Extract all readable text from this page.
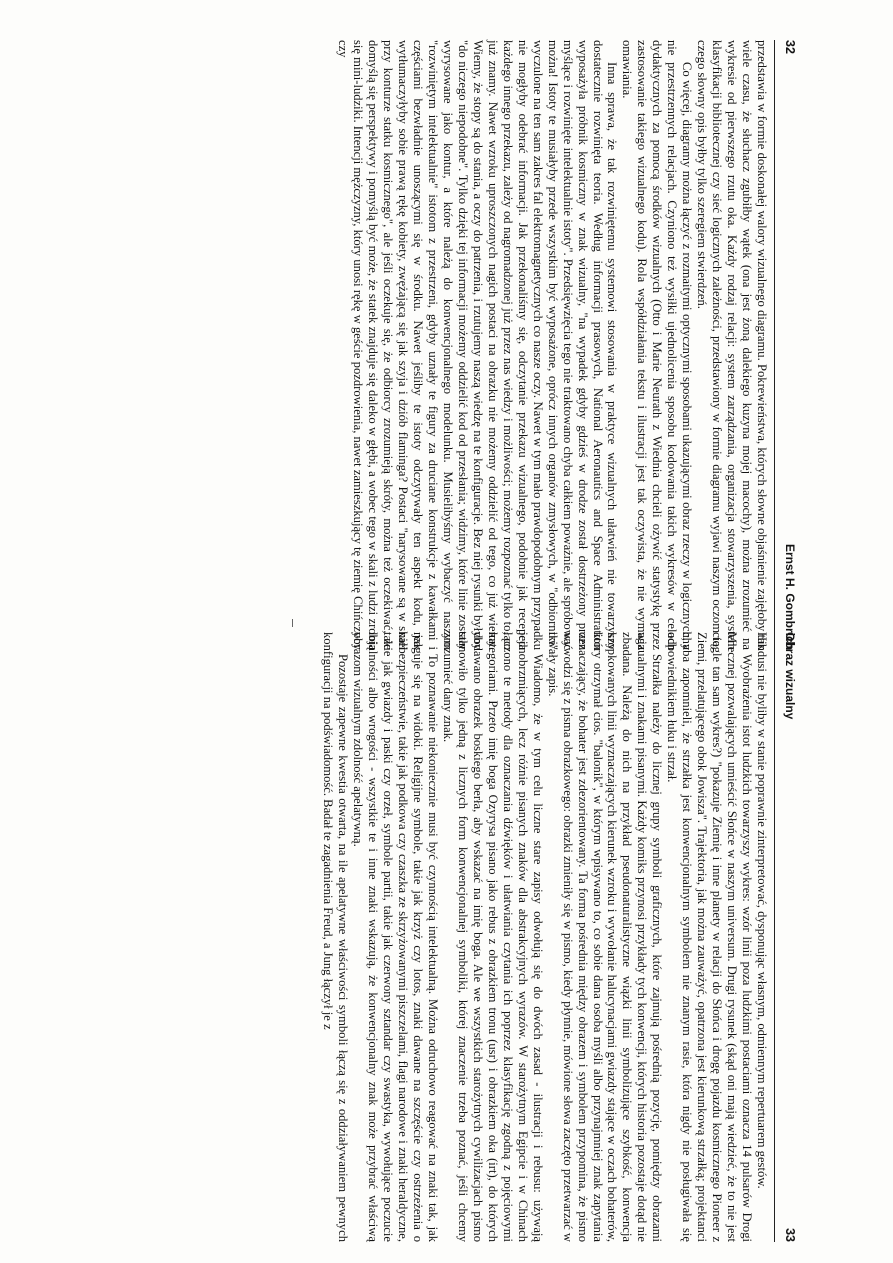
32
Ernst H. Gombrich

przedstawia w formie doskonałej walory wizualnego diagramu. Pokrewieństwa, których słowne objaśnienie zajęłoby tak wiele czasu, że słuchacz zgubiłby wątek (ona jest żoną dalekiego kuzyna mojej macochy), można zrozumieć na wykresie od pierwszego rzutu oka. Każdy rodzaj relacji: system zarządzania, organizacja stowarzyszenia, system klasyfikacji bibliotecznej czy sieć logicznych zależności, przedstawiony w formie diagramu wyjawi naszym oczom to, czego słowny opis byłby tylko szeregiem stwierdzeń.

Co więcej, diagramy można łączyć z rozmaitymi optycznymi sposobami ukazującymi obraz rzeczy w logicznych, a nie przestrzennych relacjach. Czyniono też wysiłki ujednolicenia sposobu kodowania takich wykresów w celach dydaktycznych za pomocą środków wizualnych (Otto i Marie Neurath z Wiednia chcieli ożywić statystykę przez zastosowanie takiego wizualnego kodu). Rola współdziałania tekstu i ilustracji jest tak oczywista, że nie wymaga omawiania.

Inna sprawa, że tak rozwiniętemu systemowi stosowania w praktyce wizualnych ułatwień nie towarzyszy dostatecznie rozwinięta teoria. Według informacji prasowych, National Aeronautics and Space Administration wyposażyła próbnik kosmiczny w znak wizualny, "na wypadek gdyby gdzieś w drodze został dostrzeżony przez myślące i rozwinięte intelektualnie istoty". Przedsięwzięcia tego nie traktowano chyba całkiem poważnie, ale spróbować można! Istoty te musiałyby przede wszystkim być wyposażone, oprócz innych organów zmysłowych, w "odbiorniki" wyczulone na ten sam zakres fal elektromagnetycznych co nasze oczy. Nawet w tym mało prawdopodobnym przypadku nie mogłyby odebrać informacji. Jak przekonaliśmy się, odczytanie przekazu wizualnego, podobnie jak recepcja każdego innego przekazu, zależy od nagromadzonej już przez nas wiedzy i możliwości; możemy rozpoznać tylko to, co już znamy. Nawet wzroku uproszczonych nagich postaci na obrazku nie możemy oddzielić od tego, co już wiemy. Wiemy, że stopy są do stania, a oczy do patrzenia, i rzutujemy naszą wiedzę na te konfiguracje. Bez niej rysunki byłyby "do niczego niepodobne". Tylko dzięki tej informacji możemy oddzielić kod od przesłania; widzimy, które linie zostały wyrysowane jako kontur, a które należą do konwencjonalnego modelunku. Musielibyśmy wybaczyć naszym "rozwiniętym intelektualnie" istotom z przestrzeni, gdyby uznały te figury za druciane konstrukcje z kawałkami i częściami bezwładnie unoszącymi się w środku. Nawet jeśliby te istoty odczytywały ten aspekt kodu, jak wytłumaczyłyby sobie prawą rękę kobiety, zwężającą się jak szyja i dziób flaminga? Postaci "narysowane są w skali przy konturze statku kosmicznego", ale jeśli oczekuje się, że odbiorcy zrozumieją skróty, można też oczekiwać, że domyślą się perspektywy i pomyślą być może, że statek znajduje się daleko w głębi, a wobec tego w skali z ludzi zrobią się mini-ludziki. Intencji mężczyzny, który unosi rękę w geście pozdrowienia, nawet zamieszkujący tę ziemię Chińczycy czy

Obraz wizualny
33

Hindusi nie byliby w stanie poprawnie zinterpretować, dysponując własnym, odmiennym repertuarem gestów.

Wyobrażenia istot ludzkich towarzyszy wykres: wzór linii poza ludzkimi postaciami oznacza 14 pulsarów Drogi Mlecznej pozwalających umieścić Słońce w naszym universum. Drugi rysunek (skąd oni mają wiedzieć, że to nie jest ciągle tan sam wykres?) "pokazuje Ziemię i inne planety w relacji do Słońca i drogę pojazdu kosmicznego Pioneer z Ziemi, przelatującego obok Jowisza". Trajektoria, jak można zauważyć, opatrzona jest kierunkową strzałką; projektanci chyba zapomnieli, że strzałka jest konwencjonalnym symbolem nie znanym rasie, która nigdy nie posługiwała się odpowiednikiem łuku i strzał.

Strzałka należy do licznej grupy symboli graficznych, które zajmują pośrednią pozycję, pomiędzy obrazami wizualnymi i znakami pisanymi. Każdy komiks przynosi przykłady tych konwencji, których historia pozostaje dotąd nie zbadana. Należą do nich na przykład pseudonaturalistyczne wiązki linii symbolizujące szybkość, konwencja kropkowanych linii wyznaczających kierunek wzroku i wywołanie halucynacjami gwiazdy stające w oczach bohaterów, który otrzymał cios. "balonik", w którym wpisywano to, co sobie dana osoba myśli albo przynajmniej znak zapytania oznaczający, że bohater jest zdezorientowany. Ta forma pośrednia między obrazem i symbolem przypomina, że pismo wywodzi się z pisma obrazkowego: obrazki zmieniły się w pismo, kiedy płynnie, mówione słowa zaczęto przetwarzać w trwały zapis.

Wiadomo, że w tym celu liczne stare zapisy odwołują się do dwóch zasad - ilustracji i rebusu: używają jednobrzmiących, lecz różnie pisanych znaków dla abstrakcyjnych wyrazów. W starożytnym Egipcie i w Chinach łączono te metody dla oznaczania dźwięków i ułatwiania czytania ich poprzez klasyfikację zgodną z pojęciowymi kategoriami. Przeto imię boga Ozyrysa pisano jako rebus z obrazkiem tronu (usr) i obrazkiem oka (irt), do których dodawano obrazek boskiego berła, aby wskazać na imię boga. Ale we wszystkich starożytnych cywilizacjach pismo stanowiło tylko jedną z licznych form konwencjonalnej symboliki, której znaczenie trzeba poznać, jeśli chcemy zrozumieć dany znak.

To poznawanie niekoniecznie musi być czynnością intelektualną. Można odruchowo reagować na znaki tak, jak reaguje się na widoki. Religijne symbole, takie jak krzyż czy lotos, znaki dawane na szczęście czy ostrzeżenia o niebezpieczeństwie, takie jak podkowa czy czaszka ze skrzyżowanymi piszczelami, flagi narodowe i znaki heraldyczne, takie jak gwiazdy i paski czy orzeł, symbole partii, takie jak czerwony sztandar czy swastyka, wywołujące poczucie lojalności albo wrogości - wszystkie te i inne znaki wskazują, że konwencjonalny znak może przybrać właściwą obrazom wizualnym zdolność apelatywną.

Pozostaje zapewne kwestia otwarta, na ile apelatywne właściwości symboli łączą się z oddziaływaniem pewnych konfiguracji na podświadomość. Badał te zagadnienia Freud, a Jung łączył je z
